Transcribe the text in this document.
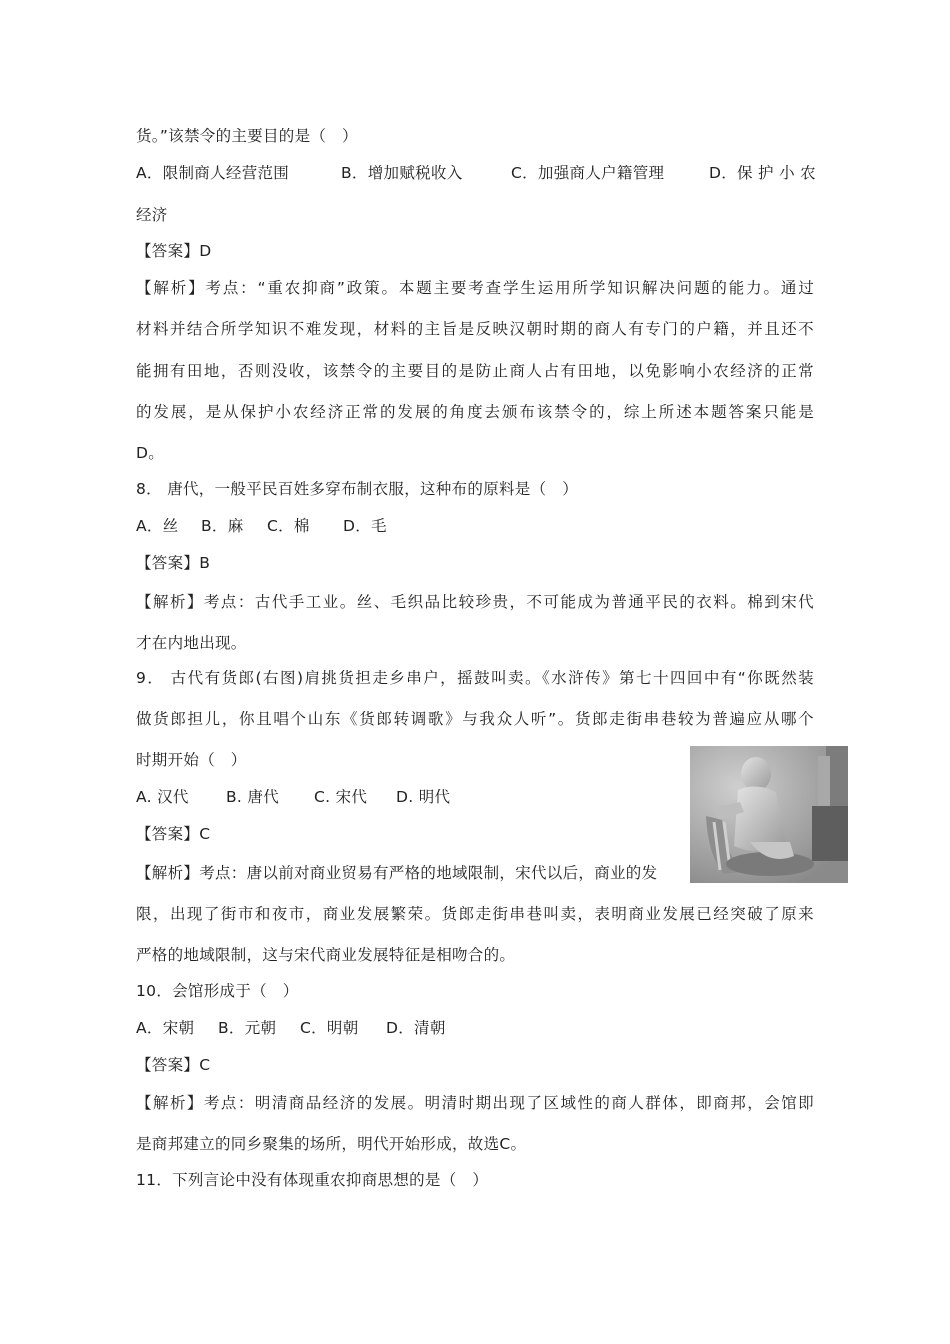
货。”该禁令的主要目的是（　）
A．限制商人经营范围	B．增加赋税收入	C．加强商人户籍管理	D．保 护 小 农
经济
【答案】D
【解析】考点：“重农抑商”政策。本题主要考查学生运用所学知识解决问题的能力。通过
材料并结合所学知识不难发现，材料的主旨是反映汉朝时期的商人有专门的户籍，并且还不
能拥有田地，否则没收，该禁令的主要目的是防止商人占有田地，以免影响小农经济的正常
的发展，是从保护小农经济正常的发展的角度去颁布该禁令的，综上所述本题答案只能是
D。
8． 唐代，一般平民百姓多穿布制衣服，这种布的原料是（　）
A．丝 B．麻 C．棉 D．毛
【答案】B
【解析】考点：古代手工业。丝、毛织品比较珍贵，不可能成为普通平民的衣料。棉到宋代
才在内地出现。
9． 古代有货郎(右图)肩挑货担走乡串户，摇鼓叫卖。《水浒传》第七十四回中有“你既然装
做货郎担儿，你且唱个山东《货郎转调歌》与我众人听”。货郎走街串巷较为普遍应从哪个
时期开始（　）
A. 汉代 B. 唐代 C. 宋代 D. 明代
【答案】C
【解析】考点：唐以前对商业贸易有严格的地域限制，宋代以后，商业的发
限，出现了街市和夜市，商业发展繁荣。货郎走街串巷叫卖，表明商业发展已经突破了原来
严格的地域限制，这与宋代商业发展特征是相吻合的。
10．会馆形成于（　）
A．宋朝 B．元朝 C．明朝 D．清朝
【答案】C
【解析】考点：明清商品经济的发展。明清时期出现了区域性的商人群体，即商邦，会馆即
是商邦建立的同乡聚集的场所，明代开始形成，故选C。
11．下列言论中没有体现重农抑商思想的是（　）
